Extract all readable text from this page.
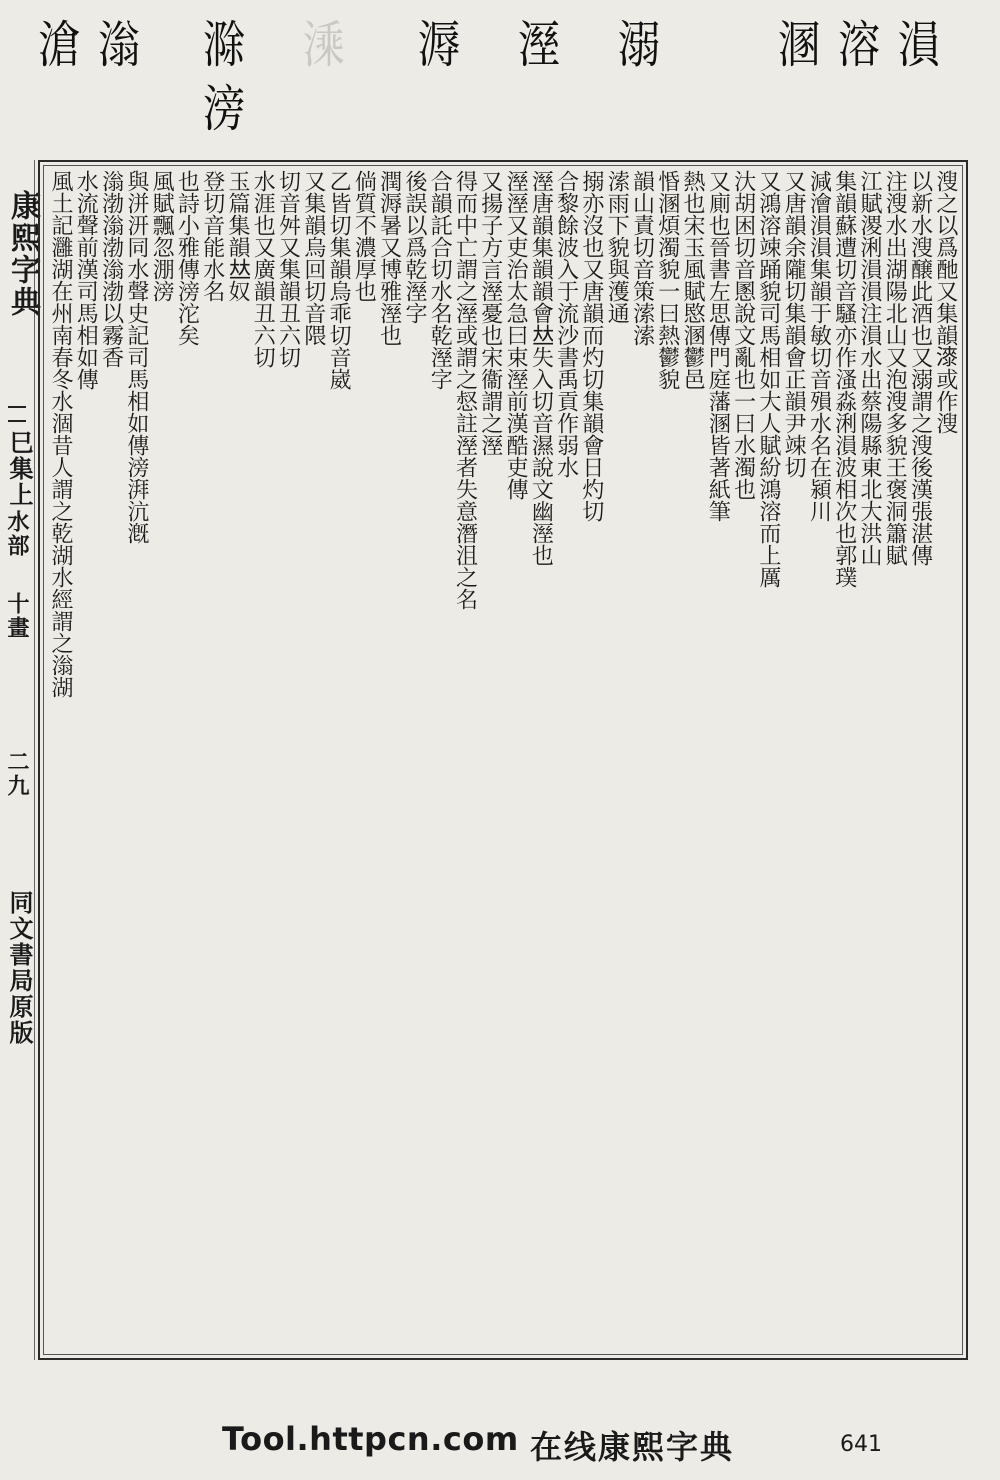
滄 滃 滁
滂
溗 溽 溼 溺 溷 溶 溳
康熙字典
巳集上
水部
十畫
二九
同文書局原版
溲之以爲酏又集韻𣾰或作溲
以新水溲醸此酒也又溺謂之溲後漢張湛傳
注溲水出湖陽北山又泡溲多貌王褒洞簫賦
江賦溭浰溳溳注溳水出蔡陽縣東北大洪山
集韻蘇遭切音騷亦作溞淼浰溳波相次也郭璞
減澮溳溳集韻于敏切音殞水名在潁川
又唐韻余隴切集韻會正韻尹竦切
又鴻溶竦踊貌司馬相如大人賦紛鴻溶而上厲
汏胡困切音慁說文亂也一曰水濁也
又廁也晉書左思傳門庭藩溷皆著紙筆
熱也宋玉風賦愍溷鬱邑
惛溷煩濁貌一曰熱鬱貌
韻山責切音策溹溹
溹雨下貌與濩通
搦亦沒也又唐韻而灼切集韻會日灼切
合黎餘波入于流沙書禹貢作弱水
溼唐韻集韻韻會𠀤失入切音濕說文幽溼也
溼溼又吏治太急曰束溼前漢酷吏傳
又揚子方言溼憂也宋衞謂之溼
得而中亡謂之溼或謂之惄註溼者失意潛沮之名
合韻託合切水名乾溼字
後誤以爲乾溼字
潤溽暑又博雅溼也
倘質不濃厚也
乙皆切集韻烏乖切音崴
又集韻烏回切音隈
切音舛又集韻丑六切
水涯也又廣韻丑六切
玉篇集韻𠀤奴
登切音能水名
也詩小雅傳滂沱矣
風賦飄忽淜滂
與洴汧同水聲史記司馬相如傳滂湃沆漑
滃渤滃渤滃渤以霧香
水流聲前漢司馬相如傳
風土記灉湖在州南春冬水涸昔人謂之乾湖水經謂之滃湖
Tool.httpcn.com 在线康熙字典	641
